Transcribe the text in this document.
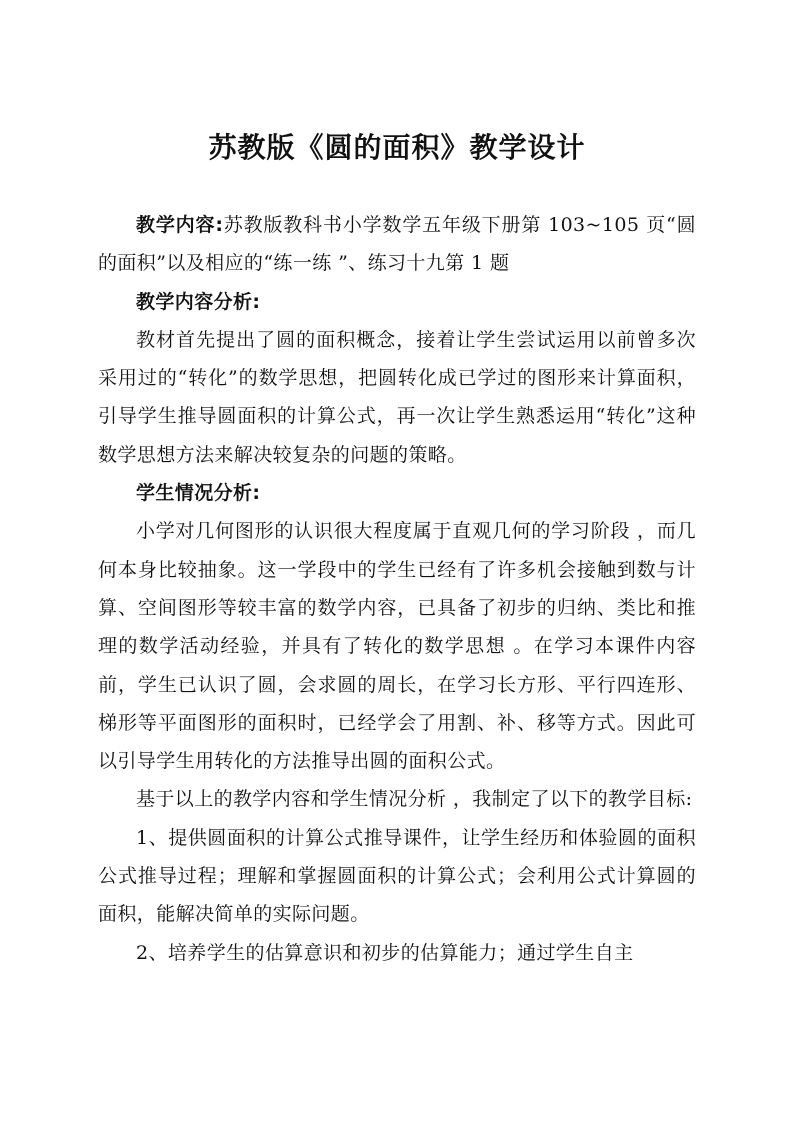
苏教版《圆的面积》教学设计

教学内容:苏教版教科书小学数学五年级下册第 103~105 页“圆的面积”以及相应的“练一练 ”、练习十九第 1 题

教学内容分析:

教材首先提出了圆的面积概念，接着让学生尝试运用以前曾多次采用过的“转化”的数学思想，把圆转化成已学过的图形来计算面积，引导学生推导圆面积的计算公式，再一次让学生熟悉运用“转化”这种数学思想方法来解决较复杂的问题的策略。

学生情况分析:

小学对几何图形的认识很大程度属于直观几何的学习阶段 ，而几何本身比较抽象。这一学段中的学生已经有了许多机会接触到数与计算、空间图形等较丰富的数学内容，已具备了初步的归纳、类比和推理的数学活动经验，并具有了转化的数学思想 。在学习本课件内容前，学生已认识了圆，会求圆的周长，在学习长方形、平行四连形、梯形等平面图形的面积时，已经学会了用割、补、移等方式。因此可以引导学生用转化的方法推导出圆的面积公式。

基于以上的教学内容和学生情况分析 ，我制定了以下的教学目标:

1、提供圆面积的计算公式推导课件，让学生经历和体验圆的面积公式推导过程；理解和掌握圆面积的计算公式；会利用公式计算圆的面积，能解决简单的实际问题。

2、培养学生的估算意识和初步的估算能力；通过学生自主
